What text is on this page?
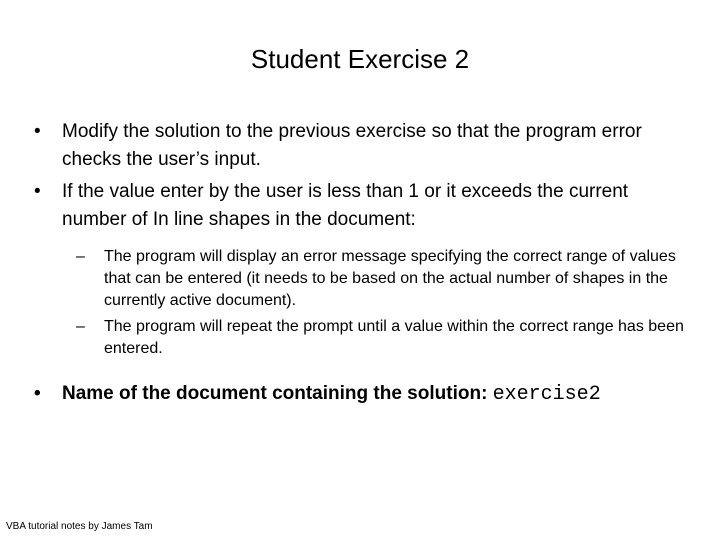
Student Exercise 2
•	Modify the solution to the previous exercise so that the program error checks the user’s input.
•	If the value enter by the user is less than 1 or it exceeds the current number of In line shapes in the document:
–	The program will display an error message specifying the correct range of values that can be entered (it needs to be based on the actual number of shapes in the currently active document).
–	The program will repeat the prompt until a value within the correct range has been entered.
•	Name of the document containing the solution: exercise2
VBA tutorial notes by James Tam
